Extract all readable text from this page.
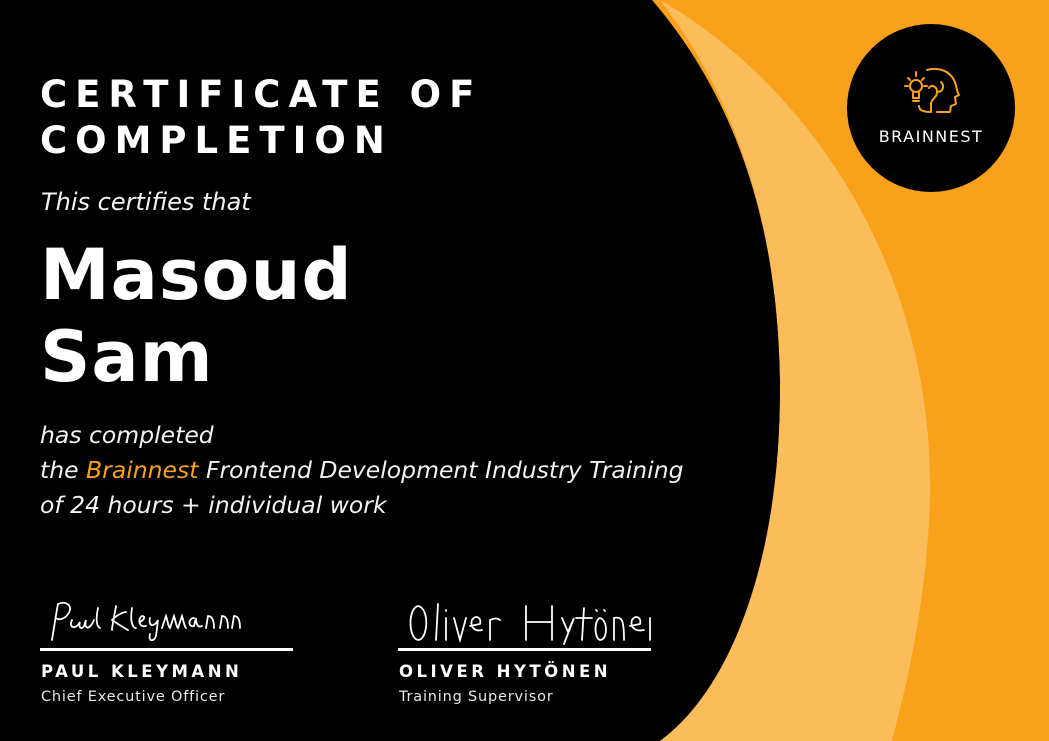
CERTIFICATE OF
COMPLETION
This certifies that
Masoud
Sam
has completed
the Brainnest Frontend Development Industry Training
of 24 hours + individual work
BRAINNEST
PAUL KLEYMANN
Chief Executive Officer
OLIVER HYTÖNEN
Training Supervisor
